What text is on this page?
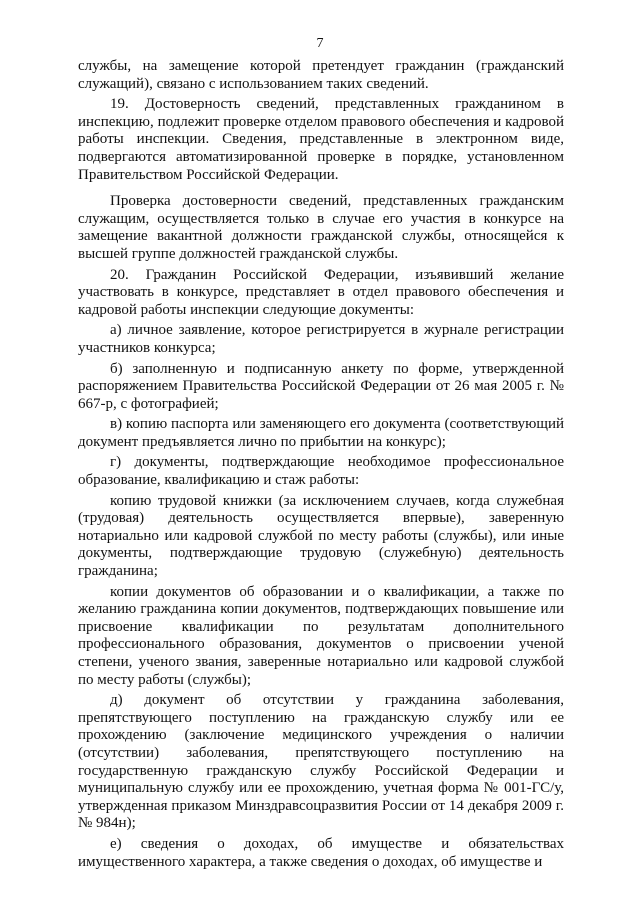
7

службы, на замещение которой претендует гражданин (гражданский служащий), связано с использованием таких сведений.

19. Достоверность сведений, представленных гражданином в инспекцию, подлежит проверке отделом правового обеспечения и кадровой работы инспекции. Сведения, представленные в электронном виде, подвергаются автоматизированной проверке в порядке, установленном Правительством Российской Федерации.

Проверка достоверности сведений, представленных гражданским служащим, осуществляется только в случае его участия в конкурсе на замещение вакантной должности гражданской службы, относящейся к высшей группе должностей гражданской службы.

20. Гражданин Российской Федерации, изъявивший желание участвовать в конкурсе, представляет в отдел правового обеспечения и кадровой работы инспекции следующие документы:

а) личное заявление, которое регистрируется в журнале регистрации участников конкурса;

б) заполненную и подписанную анкету по форме, утвержденной распоряжением Правительства Российской Федерации от 26 мая 2005 г. № 667-р, с фотографией;

в) копию паспорта или заменяющего его документа (соответствующий документ предъявляется лично по прибытии на конкурс);

г) документы, подтверждающие необходимое профессиональное образование, квалификацию и стаж работы:

копию трудовой книжки (за исключением случаев, когда служебная (трудовая) деятельность осуществляется впервые), заверенную нотариально или кадровой службой по месту работы (службы), или иные документы, подтверждающие трудовую (служебную) деятельность гражданина;

копии документов об образовании и о квалификации, а также по желанию гражданина копии документов, подтверждающих повышение или присвоение квалификации по результатам дополнительного профессионального образования, документов о присвоении ученой степени, ученого звания, заверенные нотариально или кадровой службой по месту работы (службы);

д) документ об отсутствии у гражданина заболевания, препятствующего поступлению на гражданскую службу или ее прохождению (заключение медицинского учреждения о наличии (отсутствии) заболевания, препятствующего поступлению на государственную гражданскую службу Российской Федерации и муниципальную службу или ее прохождению, учетная форма № 001-ГС/у, утвержденная приказом Минздравсоцразвития России от 14 декабря 2009 г. № 984н);

е) сведения о доходах, об имуществе и обязательствах имущественного характера, а также сведения о доходах, об имуществе и
